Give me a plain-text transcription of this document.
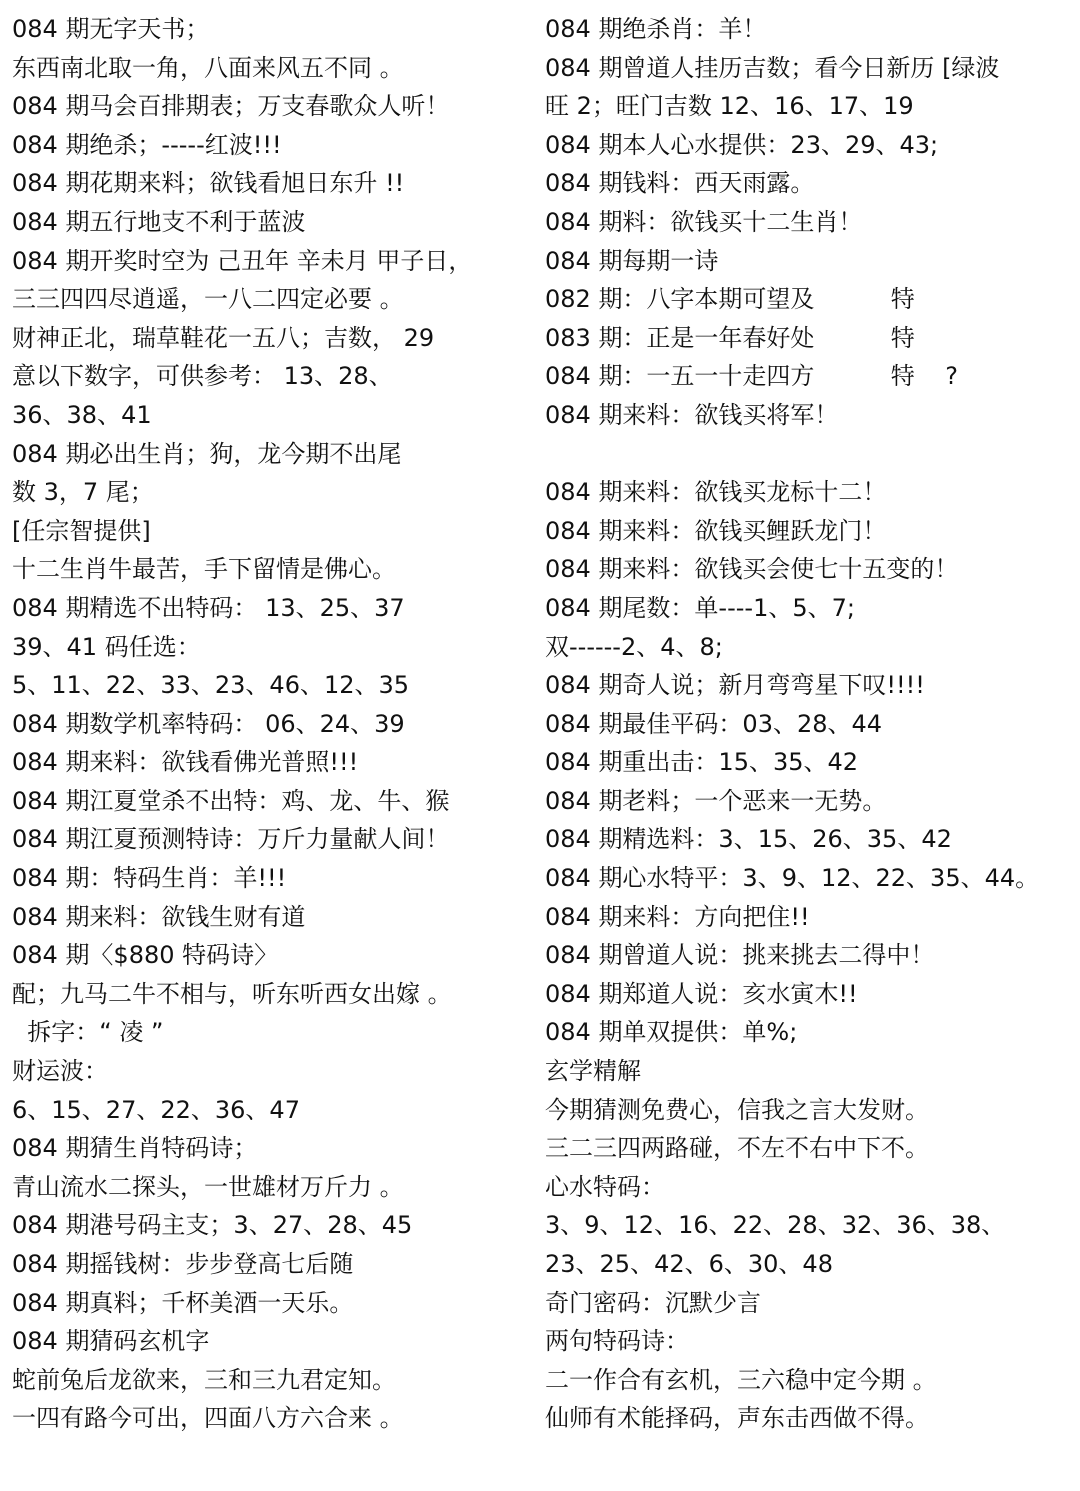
084 期无字天书；
东西南北取一角，八面来风五不同 。
084 期马会百排期表；万支春歌众人听！
084 期绝杀；-----红波!!!
084 期花期来料；欲钱看旭日东升 !!
084 期五行地支不利于蓝波
084 期开奖时空为 己丑年 辛未月 甲子日，
三三四四尽逍遥，一八二四定必要 。
财神正北，瑞草鞋花一五八；吉数， 29
意以下数字，可供参考： 13、28、
36、38、41
084 期必出生肖；狗，龙今期不出尾
数 3，7 尾；
[任宗智提供]
十二生肖牛最苦，手下留情是佛心。
084 期精选不出特码： 13、25、37
39、41 码任选：
5、11、22、33、23、46、12、35
084 期数学机率特码： 06、24、39
084 期来料：欲钱看佛光普照!!!
084 期江夏堂杀不出特：鸡、龙、牛、猴
084 期江夏预测特诗：万斤力量献人间！
084 期：特码生肖：羊!!!
084 期来料：欲钱生财有道
084 期〈$880 特码诗〉
配；九马二牛不相与，听东听西女出嫁 。
拆字：“ 凌 ”
财运波：
6、15、27、22、36、47
084 期猜生肖特码诗；
青山流水二探头，一世雄材万斤力 。
084 期港号码主支；3、27、28、45
084 期摇钱树：步步登高七后随
084 期真料；千杯美酒一天乐。
084 期猜码玄机字
蛇前兔后龙欲来，三和三九君定知。
一四有路今可出，四面八方六合来 。
084 期绝杀肖：羊！
084 期曾道人挂历吉数；看今日新历 [绿波
旺 2；旺门吉数 12、16、17、19
084 期本人心水提供：23、29、43;
084 期钱料：西天雨露。
084 期料：欲钱买十二生肖！
084 期每期一诗
082 期：八字本期可望及          特
083 期：正是一年春好处          特
084 期：一五一十走四方          特    ?
084 期来料：欲钱买将军！
084 期来料：欲钱买龙标十二！
084 期来料：欲钱买鲤跃龙门！
084 期来料：欲钱买会使七十五变的！
084 期尾数：单----1、5、7;
双------2、4、8;
084 期奇人说；新月弯弯星下叹!!!!
084 期最佳平码：03、28、44
084 期重出击：15、35、42
084 期老料；一个恶来一无势。
084 期精选料：3、15、26、35、42
084 期心水特平：3、9、12、22、35、44。
084 期来料：方向把住!!
084 期曾道人说：挑来挑去二得中！
084 期郑道人说：亥水寅木!!
084 期单双提供：单%;
玄学精解
今期猜测免费心，信我之言大发财。
三二三四两路碰，不左不右中下不。
心水特码：
3、9、12、16、22、28、32、36、38、
23、25、42、6、30、48
奇门密码：沉默少言
两句特码诗：
二一作合有玄机，三六稳中定今期 。
仙师有术能择码，声东击西做不得。
